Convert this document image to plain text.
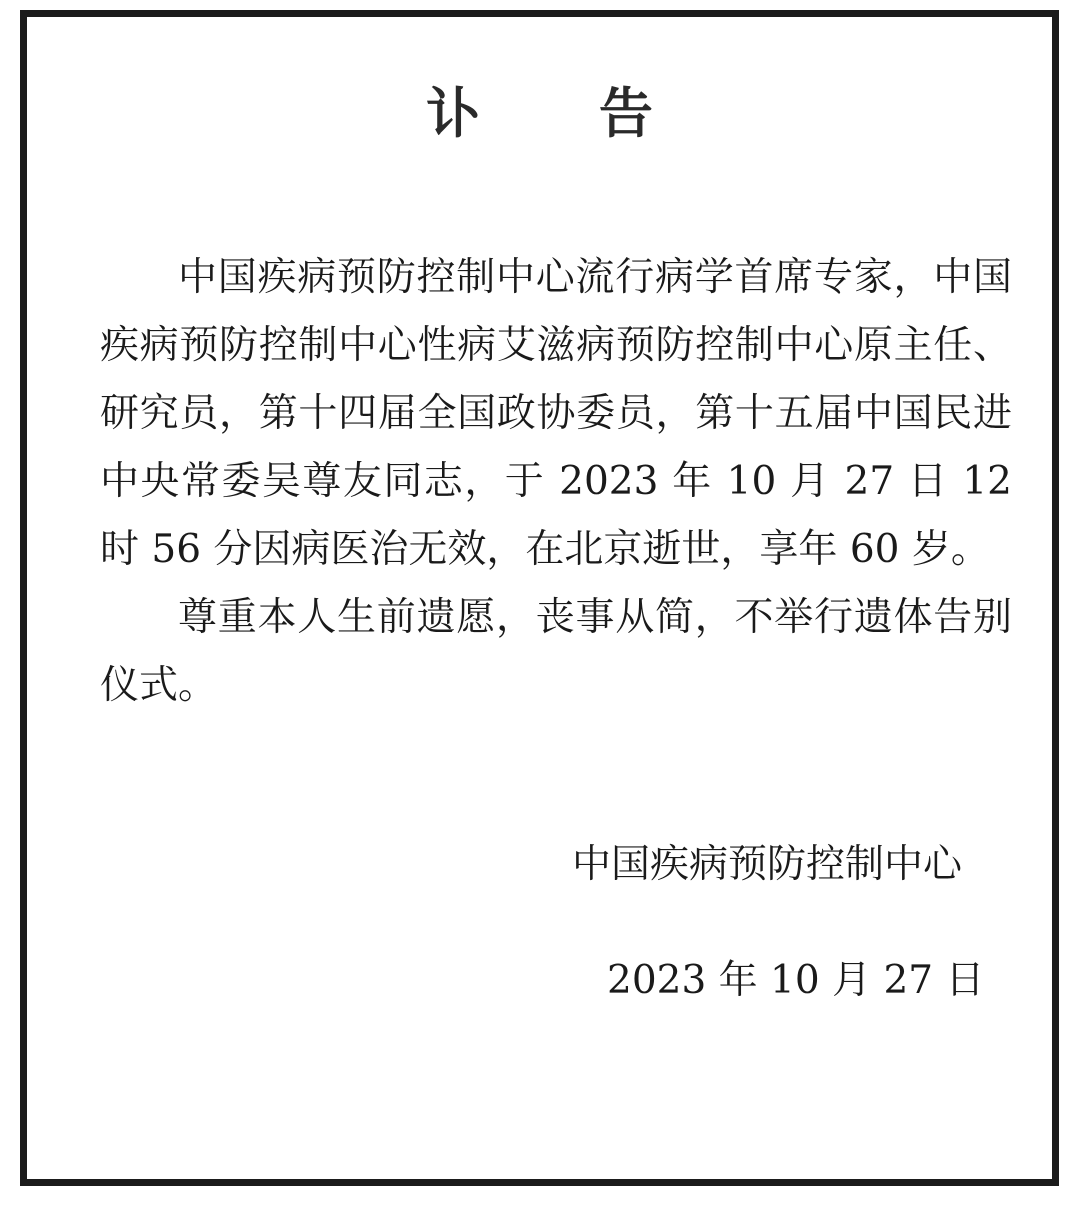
讣 告

中国疾病预防控制中心流行病学首席专家，中国疾病预防控制中心性病艾滋病预防控制中心原主任、研究员，第十四届全国政协委员，第十五届中国民进中央常委吴尊友同志，于 2023 年 10 月 27 日 12 时 56 分因病医治无效，在北京逝世，享年 60 岁。

尊重本人生前遗愿，丧事从简，不举行遗体告别仪式。

中国疾病预防控制中心
2023 年 10 月 27 日
